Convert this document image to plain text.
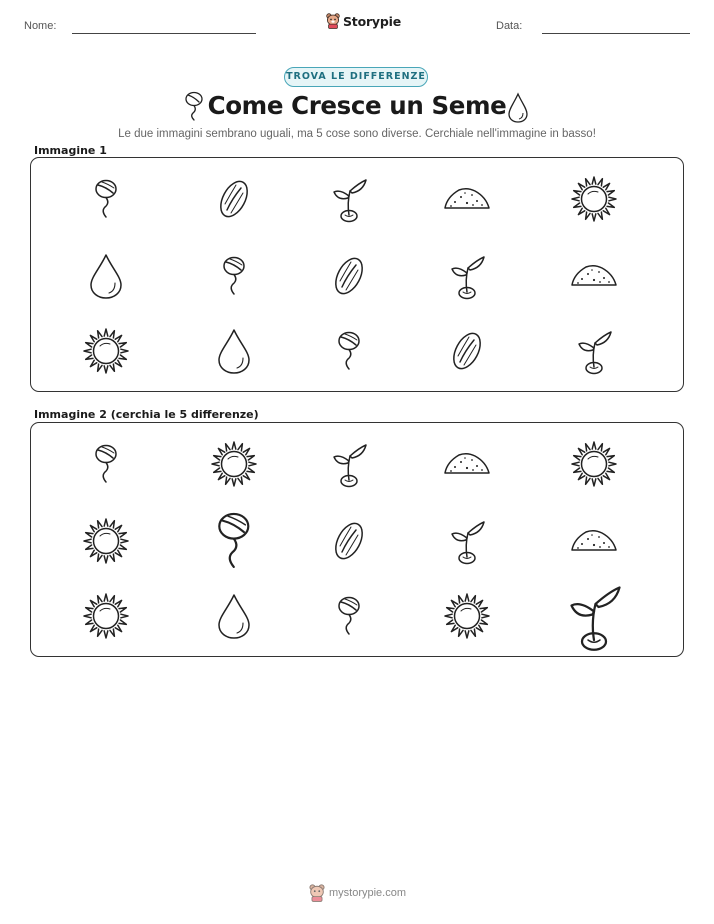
Nome:	Storypie	Data:
TROVA LE DIFFERENZE
Come Cresce un Seme
Le due immagini sembrano uguali, ma 5 cose sono diverse. Cerchiale nell'immagine in basso!
Immagine 1
Immagine 2 (cerchia le 5 differenze)
mystorypie.com
